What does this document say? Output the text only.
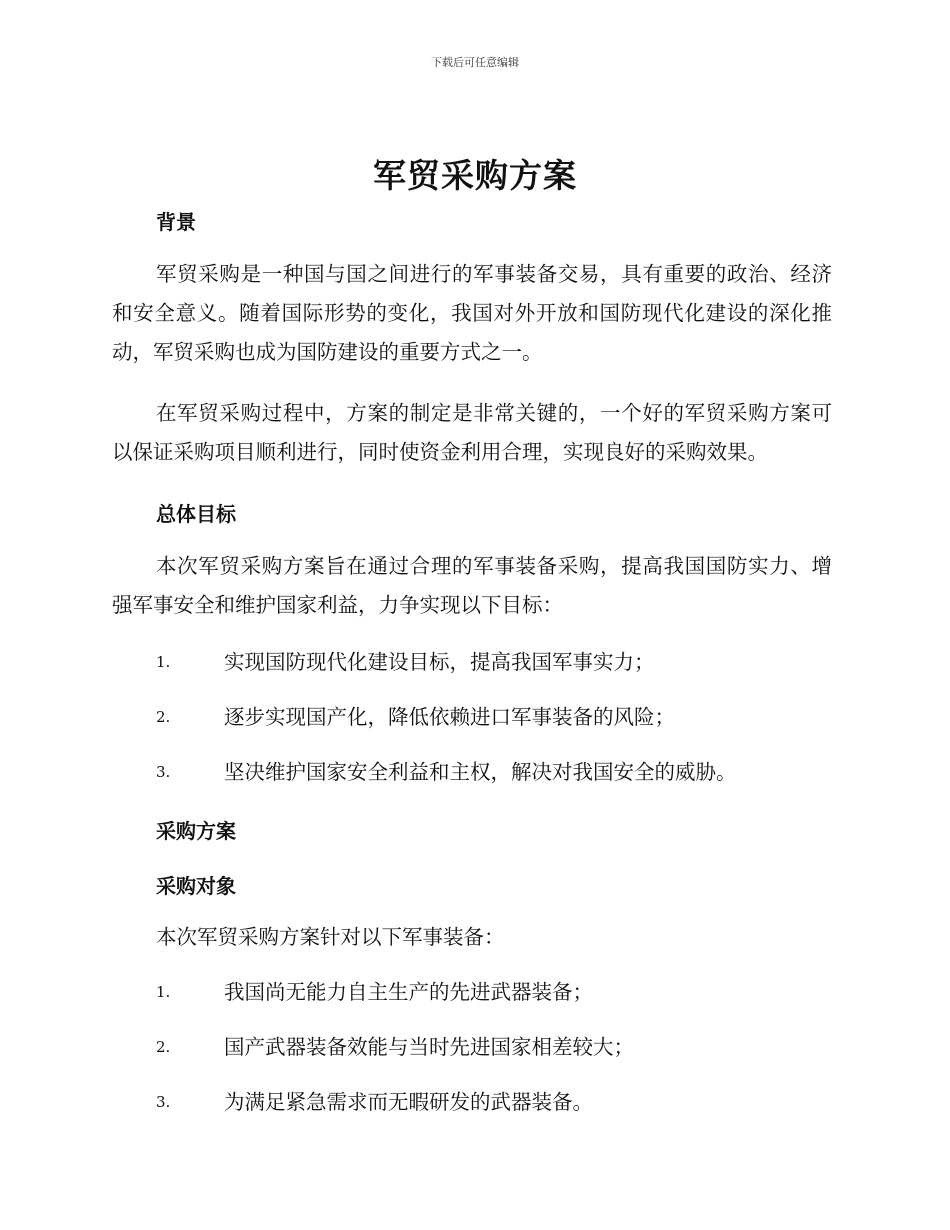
下载后可任意编辑
军贸采购方案
背景
军贸采购是一种国与国之间进行的军事装备交易，具有重要的政治、经济和安全意义。随着国际形势的变化，我国对外开放和国防现代化建设的深化推动，军贸采购也成为国防建设的重要方式之一。
在军贸采购过程中，方案的制定是非常关键的，一个好的军贸采购方案可以保证采购项目顺利进行，同时使资金利用合理，实现良好的采购效果。
总体目标
本次军贸采购方案旨在通过合理的军事装备采购，提高我国国防实力、增强军事安全和维护国家利益，力争实现以下目标：
1.	实现国防现代化建设目标，提高我国军事实力；
2.	逐步实现国产化，降低依赖进口军事装备的风险；
3.	坚决维护国家安全利益和主权，解决对我国安全的威胁。
采购方案
采购对象
本次军贸采购方案针对以下军事装备：
1.	我国尚无能力自主生产的先进武器装备；
2.	国产武器装备效能与当时先进国家相差较大；
3.	为满足紧急需求而无暇研发的武器装备。
